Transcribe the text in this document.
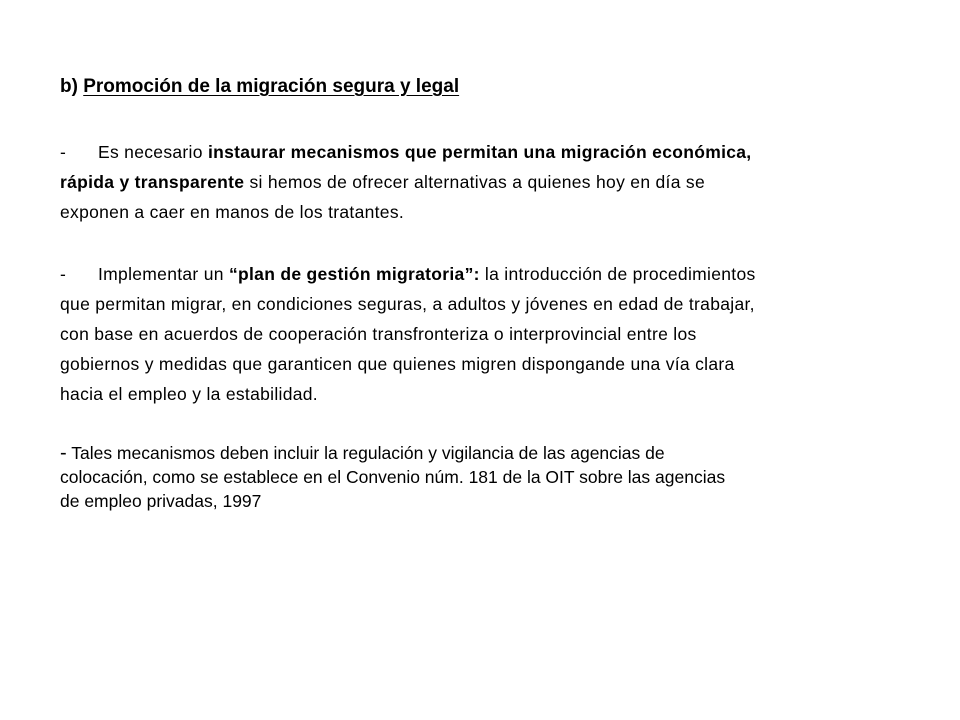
b) Promoción de la migración segura y legal
- Es necesario instaurar mecanismos que permitan una migración económica,
rápida y transparente si hemos de ofrecer alternativas a quienes hoy en día se
exponen a caer en manos de los tratantes.
- Implementar un “plan de gestión migratoria”: la introducción de procedimientos
que permitan migrar, en condiciones seguras, a adultos y jóvenes en edad de trabajar,
con base en acuerdos de cooperación transfronteriza o interprovincial entre los
gobiernos y medidas que garanticen que quienes migren dispongande una vía clara
hacia el empleo y la estabilidad.
- Tales mecanismos deben incluir la regulación y vigilancia de las agencias de
colocación, como se establece en el Convenio núm. 181 de la OIT sobre las agencias
de empleo privadas, 1997
